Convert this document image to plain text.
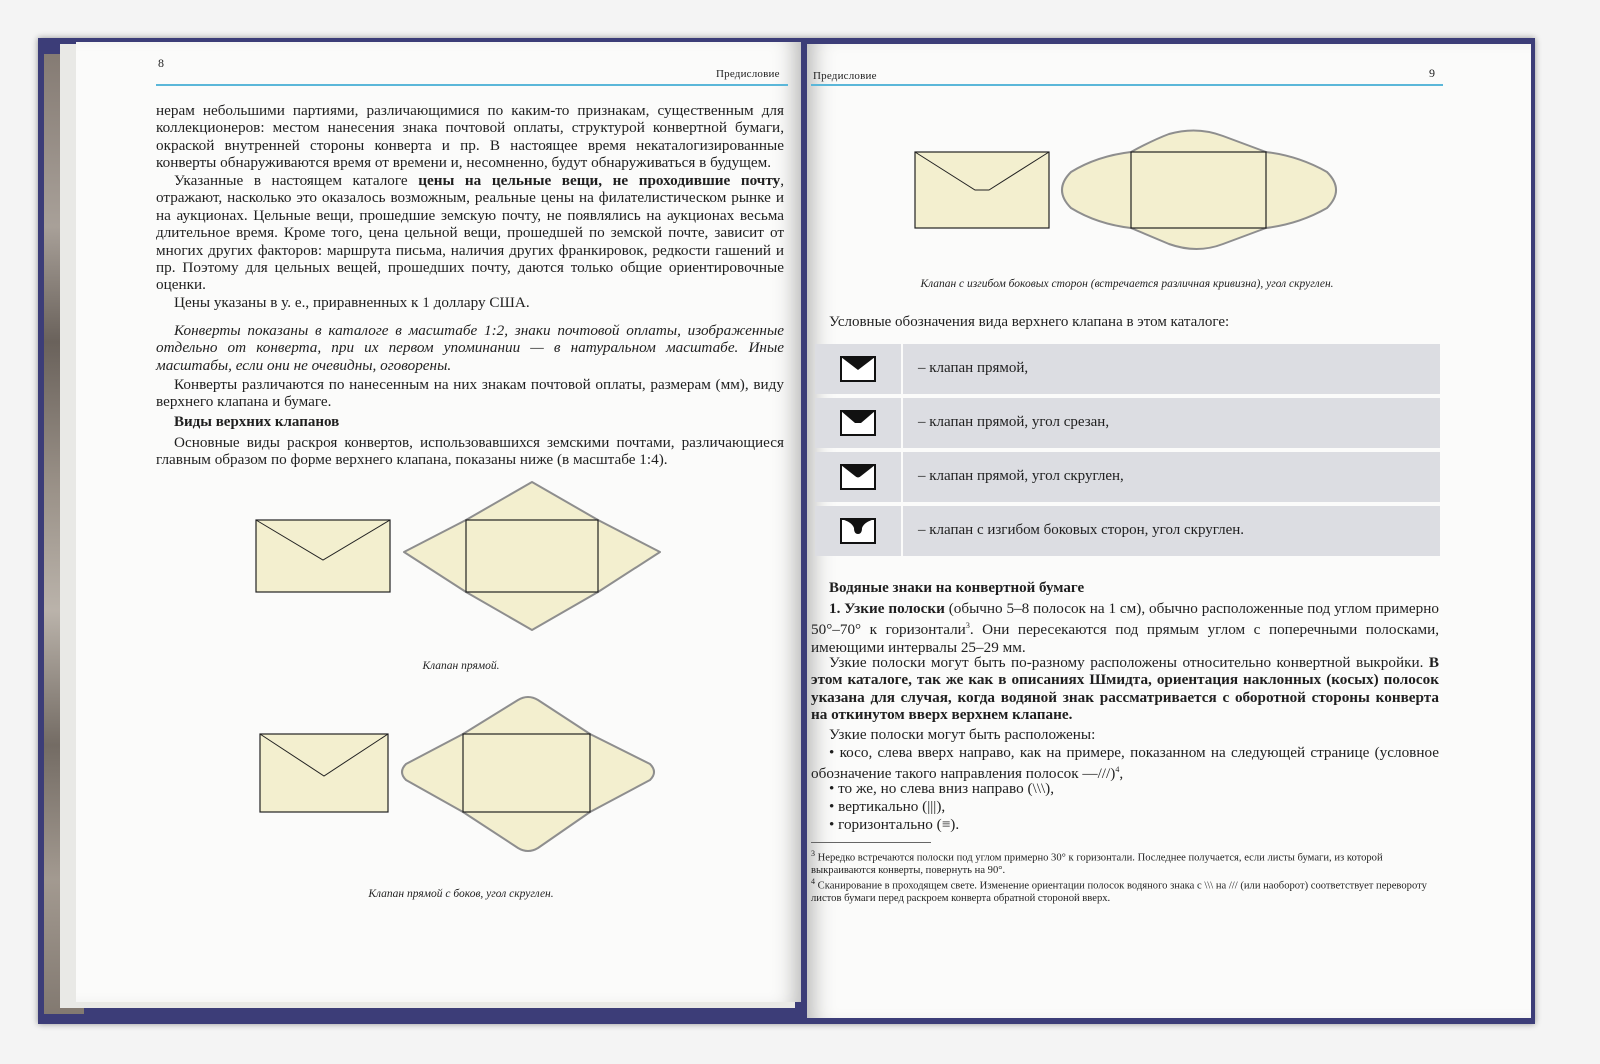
8
Предисловие

нерам небольшими партиями, различающимися по каким-то признакам, существенным для коллекционеров: местом нанесения знака почтовой оплаты, структурой конвертной бумаги, окраской внутренней стороны конверта и пр. В настоящее время некаталогизированные конверты обнаруживаются время от времени и, несомненно, будут обнаруживаться в будущем.

Указанные в настоящем каталоге цены на цельные вещи, не проходившие почту, отражают, насколько это оказалось возможным, реальные цены на филателистическом рынке и на аукционах. Цельные вещи, прошедшие земскую почту, не появлялись на аукционах весьма длительное время. Кроме того, цена цельной вещи, прошедшей по земской почте, зависит от многих других факторов: маршрута письма, наличия других франкировок, редкости гашений и пр. Поэтому для цельных вещей, прошедших почту, даются только общие ориентировочные оценки.

Цены указаны в у. е., приравненных к 1 доллару США.

Конверты показаны в каталоге в масштабе 1:2, знаки почтовой оплаты, изображенные отдельно от конверта, при их первом упоминании — в натуральном масштабе. Иные масштабы, если они не очевидны, оговорены.

Конверты различаются по нанесенным на них знакам почтовой оплаты, размерам (мм), виду верхнего клапана и бумаге.

Виды верхних клапанов

Основные виды раскроя конвертов, использовавшихся земскими почтами, различающиеся главным образом по форме верхнего клапана, показаны ниже (в масштабе 1:4).

Клапан прямой.

Клапан прямой с боков, угол скруглен.

Предисловие	9

Клапан с изгибом боковых сторон (встречается различная кривизна), угол скруглен.

Условные обозначения вида верхнего клапана в этом каталоге:

– клапан прямой,
– клапан прямой, угол срезан,
– клапан прямой, угол скруглен,
– клапан с изгибом боковых сторон, угол скруглен.

Водяные знаки на конвертной бумаге

1. Узкие полоски (обычно 5–8 полосок на 1 см), обычно расположенные под углом примерно 50°–70° к горизонтали$^3$. Они пересекаются под прямым углом с поперечными полосками, имеющими интервалы 25–29 мм.

Узкие полоски могут быть по-разному расположены относительно конвертной выкройки. В этом каталоге, так же как в описаниях Шмидта, ориентация наклонных (косых) полосок указана для случая, когда водяной знак рассматривается с оборотной стороны конверта на откинутом вверх верхнем клапане.

Узкие полоски могут быть расположены:

• косо, слева вверх направо, как на примере, показанном на следующей странице (условное обозначение такого направления полосок —///)$^4$,

• то же, но слева вниз направо (\\\),
• вертикально (|||),
• горизонтально (≡).

$^3$ Нередко встречаются полоски под углом примерно 30° к горизонтали. Последнее получается, если листы бумаги, из которой выкраиваются конверты, повернуть на 90°.

$^4$ Сканирование в проходящем свете. Изменение ориентации полосок водяного знака с \\\ на /// (или наоборот) соответствует перевороту листов бумаги перед раскроем конверта обратной стороной вверх.
